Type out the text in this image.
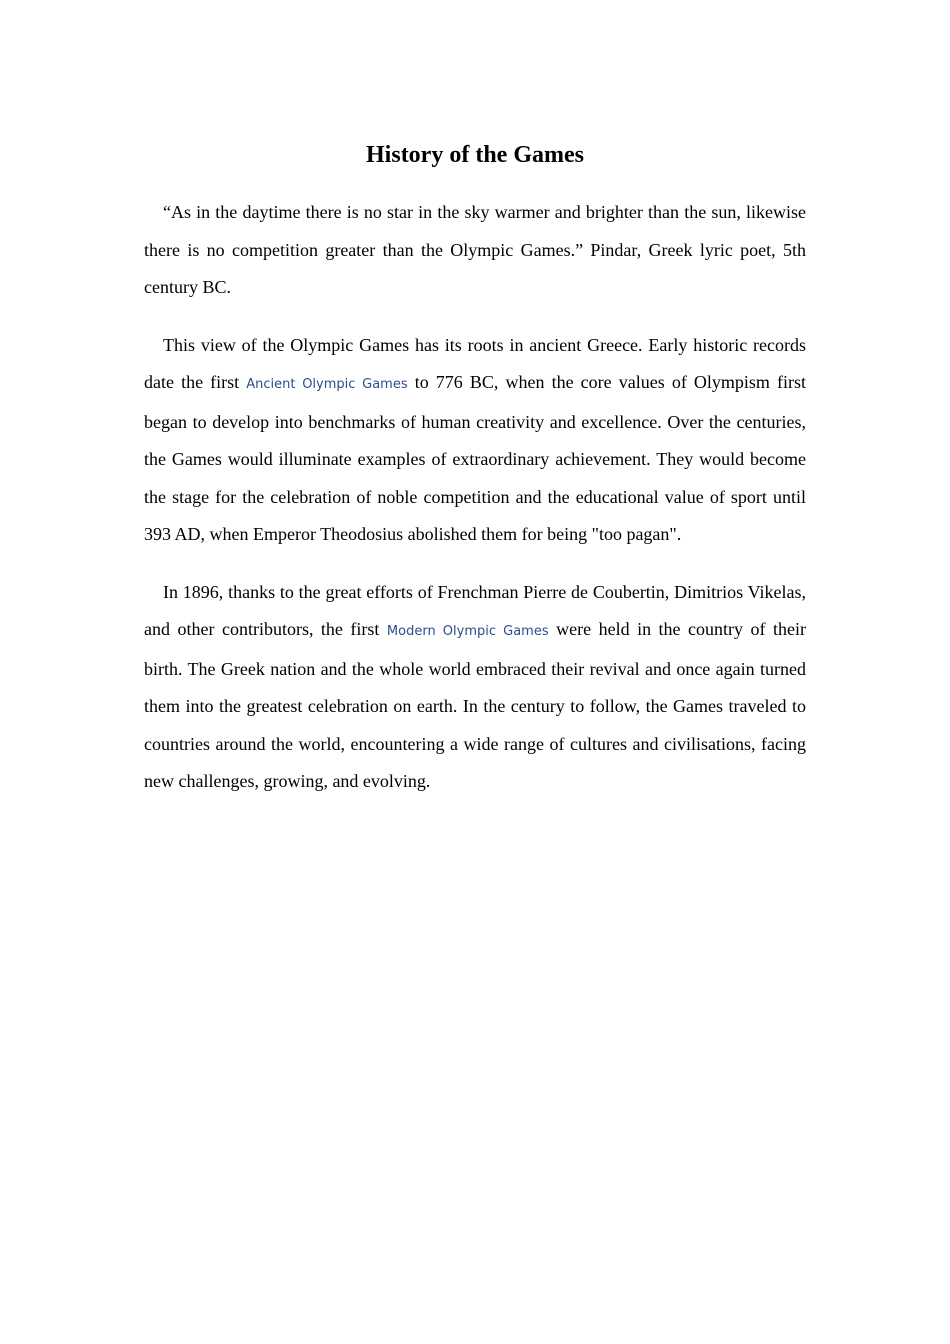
History of the Games

“As in the daytime there is no star in the sky warmer and brighter than the sun, likewise there is no competition greater than the Olympic Games.” Pindar, Greek lyric poet, 5th century BC.

This view of the Olympic Games has its roots in ancient Greece. Early historic records date the first Ancient Olympic Games to 776 BC, when the core values of Olympism first began to develop into benchmarks of human creativity and excellence. Over the centuries, the Games would illuminate examples of extraordinary achievement. They would become the stage for the celebration of noble competition and the educational value of sport until 393 AD, when Emperor Theodosius abolished them for being "too pagan".

In 1896, thanks to the great efforts of Frenchman Pierre de Coubertin, Dimitrios Vikelas, and other contributors, the first Modern Olympic Games were held in the country of their birth. The Greek nation and the whole world embraced their revival and once again turned them into the greatest celebration on earth. In the century to follow, the Games traveled to countries around the world, encountering a wide range of cultures and civilisations, facing new challenges, growing, and evolving.
